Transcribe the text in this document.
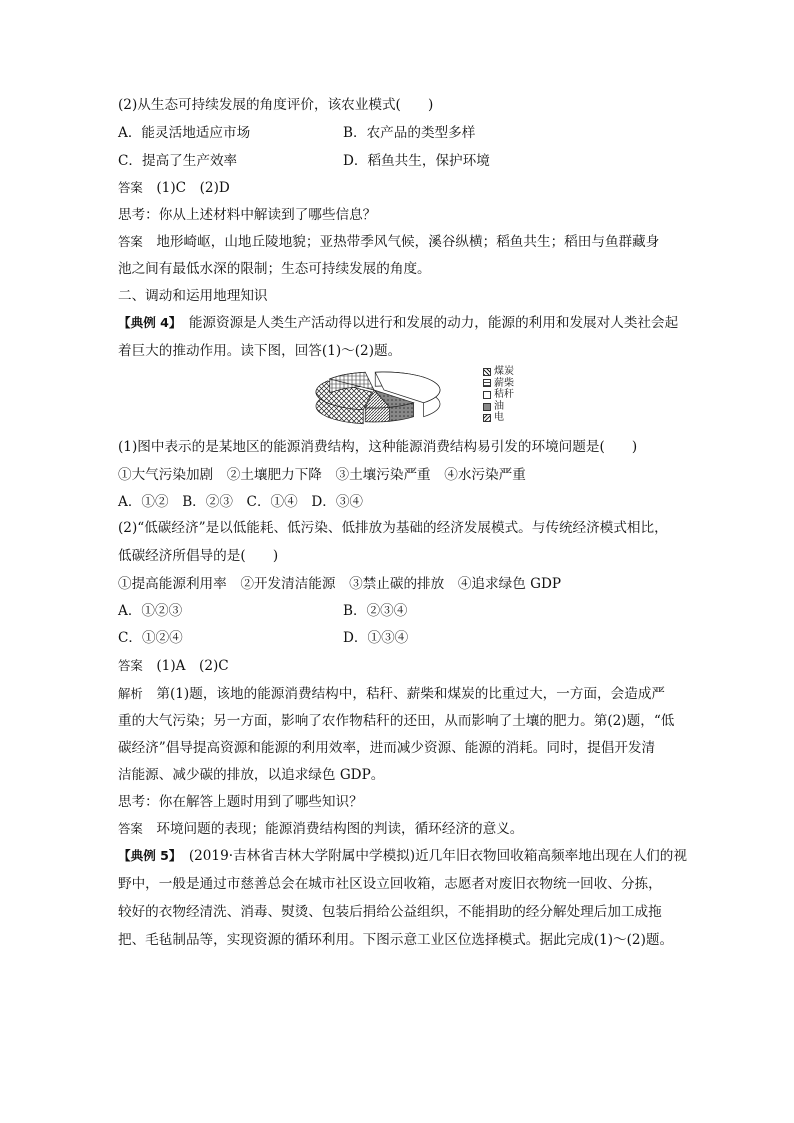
(2)从生态可持续发展的角度评价，该农业模式(　　)
A．能灵活地适应市场	B．农产品的类型多样
C．提高了生产效率	D．稻鱼共生，保护环境
答案　 (1)C　(2)D
思考：你从上述材料中解读到了哪些信息？
答案　 地形崎岖，山地丘陵地貌；亚热带季风气候，溪谷纵横；稻鱼共生；稻田与鱼群藏身
池之间有最低水深的限制；生态可持续发展的角度。
二、调动和运用地理知识
【典例 4】　 能源资源是人类生产活动得以进行和发展的动力，能源的利用和发展对人类社会起
着巨大的推动作用。读下图，回答(1)～(2)题。
煤炭
薪柴
秸秆
油
电
(1)图中表示的是某地区的能源消费结构，这种能源消费结构易引发的环境问题是(　　)
①大气污染加剧　②土壤肥力下降　③土壤污染严重　④水污染严重
A．①②　B．②③　C．①④　D．③④
(2)“低碳经济”是以低能耗、低污染、低排放为基础的经济发展模式。与传统经济模式相比，
低碳经济所倡导的是(　　)
①提高能源利用率　②开发清洁能源　③禁止碳的排放　④追求绿色 GDP
A．①②③	B．②③④
C．①②④	D．①③④
答案　 (1)A　(2)C
解析　 第(1)题，该地的能源消费结构中，秸秆、薪柴和煤炭的比重过大，一方面，会造成严
重的大气污染；另一方面，影响了农作物秸秆的还田，从而影响了土壤的肥力。第(2)题，“低
碳经济”倡导提高资源和能源的利用效率，进而减少资源、能源的消耗。同时，提倡开发清
洁能源、减少碳的排放，以追求绿色 GDP。
思考：你在解答上题时用到了哪些知识？
答案　 环境问题的表现；能源消费结构图的判读，循环经济的意义。
【典例 5】　 (2019·吉林省吉林大学附属中学模拟)近几年旧衣物回收箱高频率地出现在人们的视
野中，一般是通过市慈善总会在城市社区设立回收箱，志愿者对废旧衣物统一回收、分拣，
较好的衣物经清洗、消毒、熨烫、包装后捐给公益组织，不能捐助的经分解处理后加工成拖
把、毛毡制品等，实现资源的循环利用。下图示意工业区位选择模式。据此完成(1)～(2)题。
